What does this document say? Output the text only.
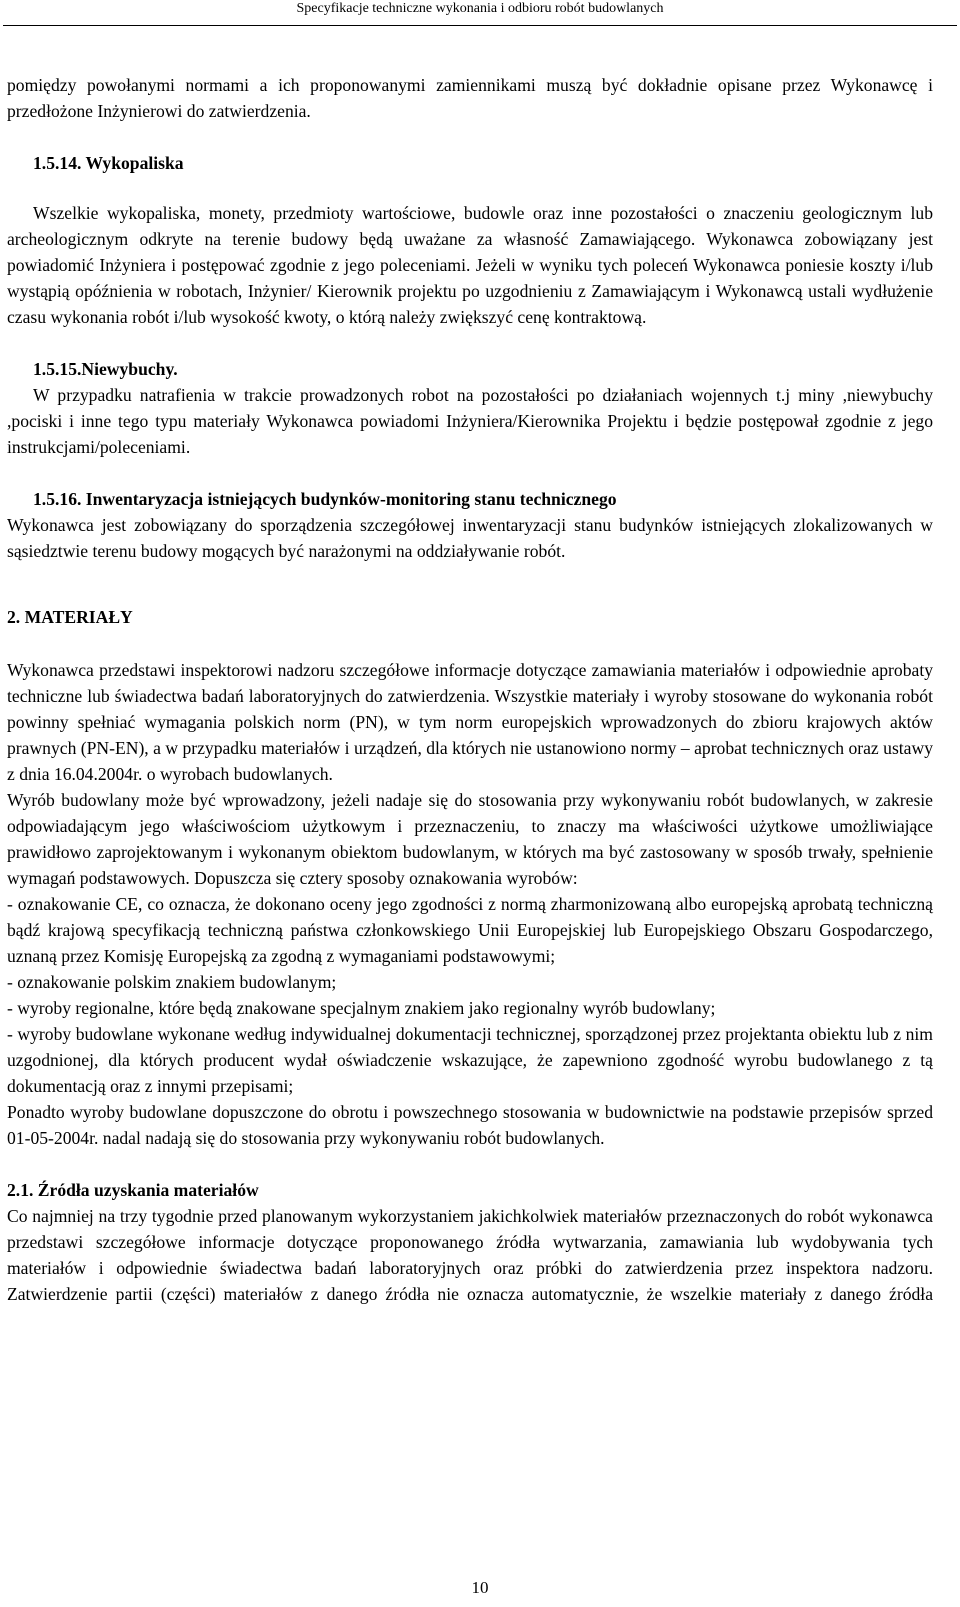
Specyfikacje techniczne wykonania i odbioru robót budowlanych

pomiędzy powołanymi normami a ich proponowanymi zamiennikami muszą być dokładnie opisane przez Wykonawcę i przedłożone Inżynierowi do zatwierdzenia.

1.5.14. Wykopaliska

Wszelkie wykopaliska, monety, przedmioty wartościowe, budowle oraz inne pozostałości o znaczeniu geologicznym lub archeologicznym odkryte na terenie budowy będą uważane za własność Zamawiającego. Wykonawca zobowiązany jest powiadomić Inżyniera i postępować zgodnie z jego poleceniami. Jeżeli w wyniku tych poleceń Wykonawca poniesie koszty i/lub wystąpią opóźnienia w robotach, Inżynier/ Kierownik projektu po uzgodnieniu z Zamawiającym i Wykonawcą ustali wydłużenie czasu wykonania robót i/lub wysokość kwoty, o którą należy zwiększyć cenę kontraktową.

1.5.15.Niewybuchy.

W przypadku natrafienia w trakcie prowadzonych robot na pozostałości po działaniach wojennych t.j miny ,niewybuchy ,pociski i inne tego typu materiały Wykonawca powiadomi Inżyniera/Kierownika Projektu i będzie postępował zgodnie z jego instrukcjami/poleceniami.

1.5.16. Inwentaryzacja istniejących budynków-monitoring stanu technicznego

Wykonawca jest zobowiązany do sporządzenia szczegółowej inwentaryzacji stanu budynków istniejących zlokalizowanych w sąsiedztwie terenu budowy mogących być narażonymi na oddziaływanie robót.

2. MATERIAŁY

Wykonawca przedstawi inspektorowi nadzoru szczegółowe informacje dotyczące zamawiania materiałów i odpowiednie aprobaty techniczne lub świadectwa badań laboratoryjnych do zatwierdzenia. Wszystkie materiały i wyroby stosowane do wykonania robót powinny spełniać wymagania polskich norm (PN), w tym norm europejskich wprowadzonych do zbioru krajowych aktów prawnych (PN-EN), a w przypadku materiałów i urządzeń, dla których nie ustanowiono normy – aprobat technicznych oraz ustawy z dnia 16.04.2004r. o wyrobach budowlanych.

Wyrób budowlany może być wprowadzony, jeżeli nadaje się do stosowania przy wykonywaniu robót budowlanych, w zakresie odpowiadającym jego właściwościom użytkowym i przeznaczeniu, to znaczy ma właściwości użytkowe umożliwiające prawidłowo zaprojektowanym i wykonanym obiektom budowlanym, w których ma być zastosowany w sposób trwały, spełnienie wymagań podstawowych. Dopuszcza się cztery sposoby oznakowania wyrobów:

- oznakowanie CE, co oznacza, że dokonano oceny jego zgodności z normą zharmonizowaną albo europejską aprobatą techniczną bądź krajową specyfikacją techniczną państwa członkowskiego Unii Europejskiej lub Europejskiego Obszaru Gospodarczego, uznaną przez Komisję Europejską za zgodną z wymaganiami podstawowymi;

- oznakowanie polskim znakiem budowlanym;

- wyroby regionalne, które będą znakowane specjalnym znakiem jako regionalny wyrób budowlany;

- wyroby budowlane wykonane według indywidualnej dokumentacji technicznej, sporządzonej przez projektanta obiektu lub z nim uzgodnionej, dla których producent wydał oświadczenie wskazujące, że zapewniono zgodność wyrobu budowlanego z tą dokumentacją oraz z innymi przepisami;

Ponadto wyroby budowlane dopuszczone do obrotu i powszechnego stosowania w budownictwie na podstawie przepisów sprzed 01-05-2004r. nadal nadają się do stosowania przy wykonywaniu robót budowlanych.

2.1. Źródła uzyskania materiałów

Co najmniej na trzy tygodnie przed planowanym wykorzystaniem jakichkolwiek materiałów przeznaczonych do robót wykonawca przedstawi szczegółowe informacje dotyczące proponowanego źródła wytwarzania, zamawiania lub wydobywania tych materiałów i odpowiednie świadectwa badań laboratoryjnych oraz próbki do zatwierdzenia przez inspektora nadzoru. Zatwierdzenie partii (części) materiałów z danego źródła nie oznacza automatycznie, że wszelkie materiały z danego źródła

10
